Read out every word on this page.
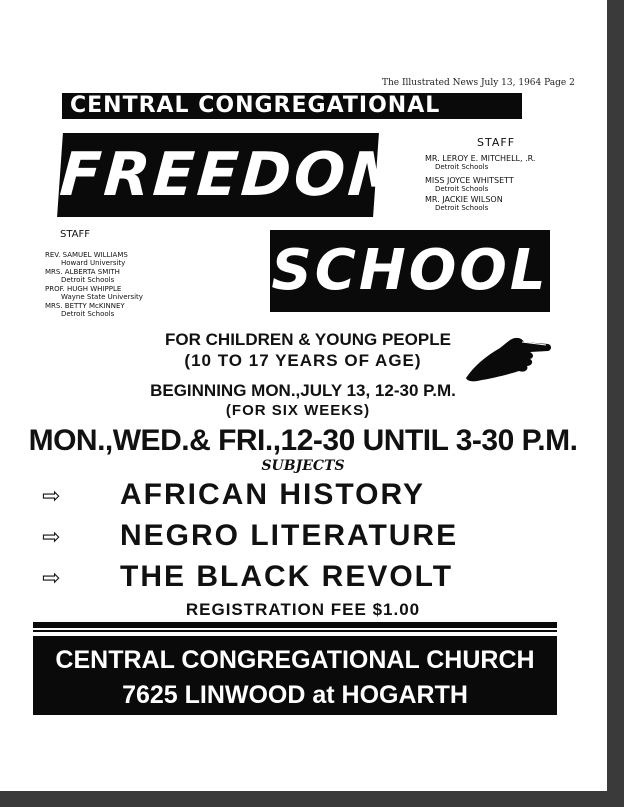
The Illustrated News July 13, 1964 Page 2
CENTRAL CONGREGATIONAL
FREEDOM	STAFF
MR. LEROY E. MITCHELL, .R.
Detroit Schools
MISS JOYCE WHITSETT
Detroit Schools
MR. JACKIE WILSON
Detroit Schools
SCHOOL
STAFF
REV. SAMUEL WILLIAMS
Howard University
MRS. ALBERTA SMITH
Detroit Schools
PROF. HUGH WHIPPLE
Wayne State University
MRS. BETTY McKINNEY
Detroit Schools
FOR CHILDREN & YOUNG PEOPLE
(10 TO 17 YEARS OF AGE)
BEGINNING MON.,JULY 13, 12-30 P.M.
(FOR SIX WEEKS)
MON.,WED.& FRI.,12-30 UNTIL 3-30 P.M.
SUBJECTS
⇨ AFRICAN HISTORY
⇨ NEGRO LITERATURE
⇨ THE BLACK REVOLT
REGISTRATION FEE $1.00
CENTRAL CONGREGATIONAL CHURCH
7625 LINWOOD at HOGARTH
